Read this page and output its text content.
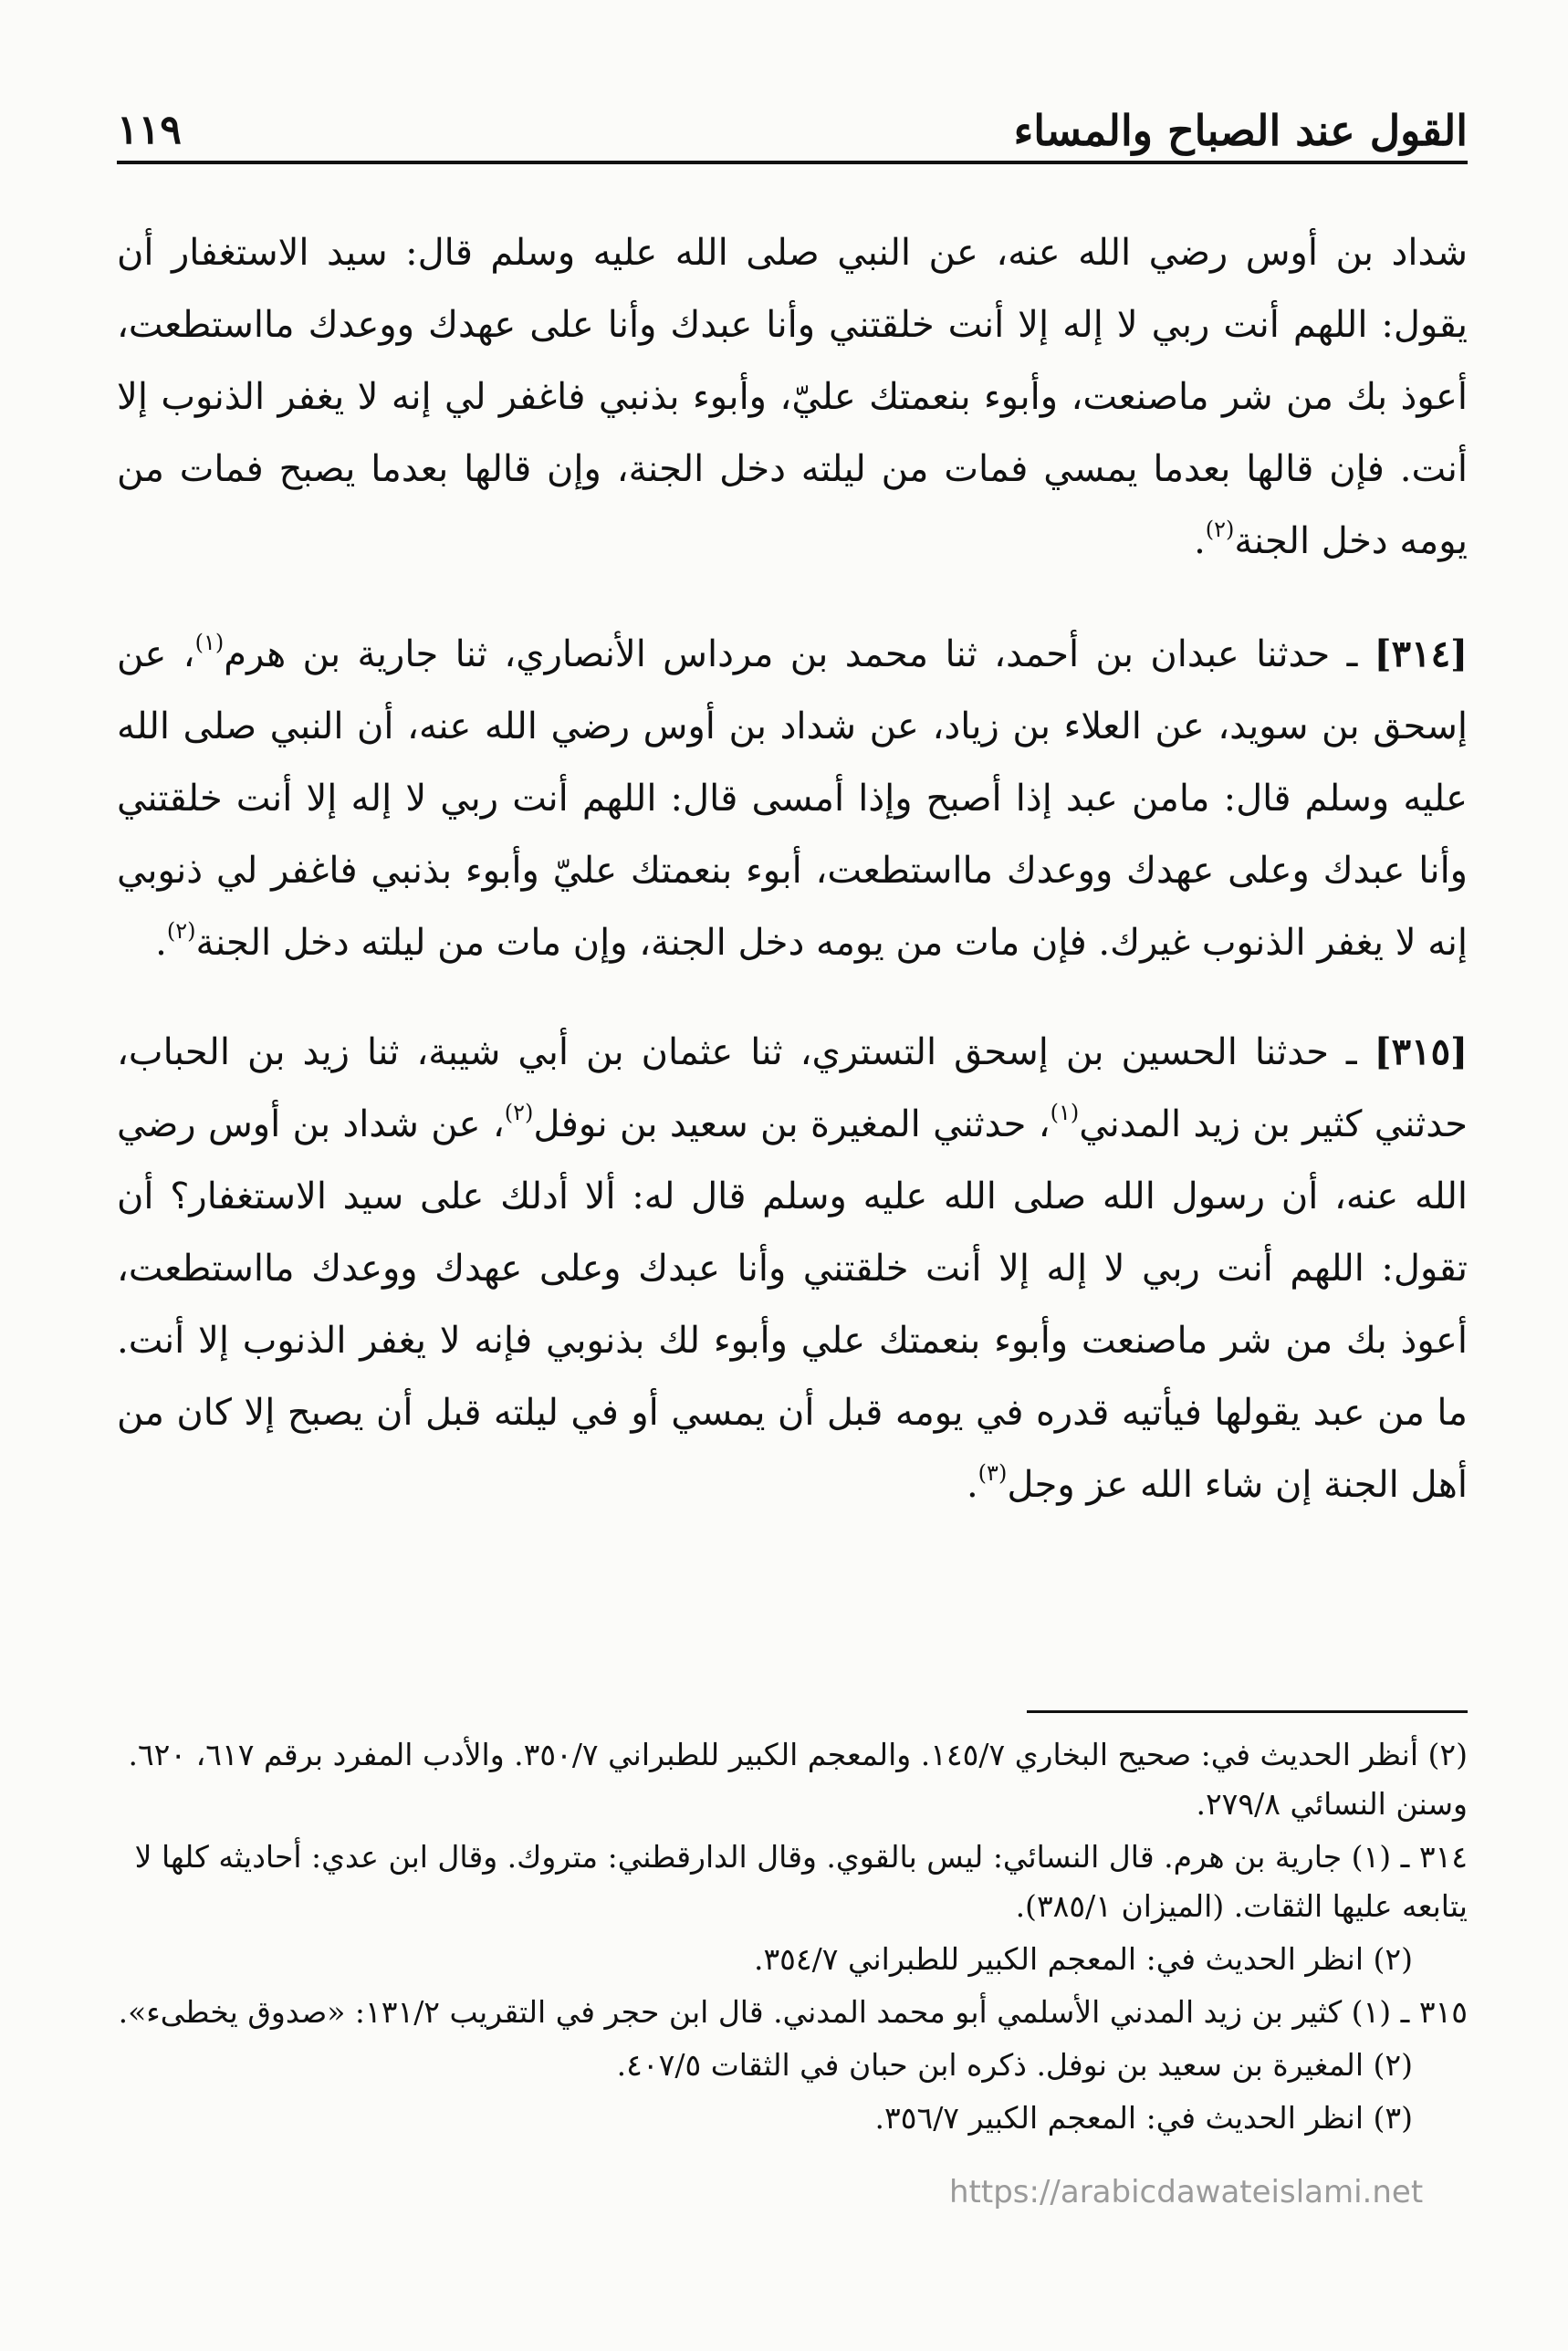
القول عند الصباح والمساء
١١٩

شداد بن أوس رضي الله عنه، عن النبي صلى الله عليه وسلم قال: سيد الاستغفار أن يقول: اللهم أنت ربي لا إله إلا أنت خلقتني وأنا عبدك وأنا على عهدك ووعدك مااستطعت، أعوذ بك من شر ماصنعت، وأبوء بنعمتك عليّ، وأبوء بذنبي فاغفر لي إنه لا يغفر الذنوب إلا أنت. فإن قالها بعدما يمسي فمات من ليلته دخل الجنة، وإن قالها بعدما يصبح فمات من يومه دخل الجنة$^{(٢)}$.

[٣١٤] ـ حدثنا عبدان بن أحمد، ثنا محمد بن مرداس الأنصاري، ثنا جارية بن هرم$^{(١)}$، عن إسحق بن سويد، عن العلاء بن زياد، عن شداد بن أوس رضي الله عنه، أن النبي صلى الله عليه وسلم قال: مامن عبد إذا أصبح وإذا أمسى قال: اللهم أنت ربي لا إله إلا أنت خلقتني وأنا عبدك وعلى عهدك ووعدك مااستطعت، أبوء بنعمتك عليّ وأبوء بذنبي فاغفر لي ذنوبي إنه لا يغفر الذنوب غيرك. فإن مات من يومه دخل الجنة، وإن مات من ليلته دخل الجنة$^{(٢)}$.

[٣١٥] ـ حدثنا الحسين بن إسحق التستري، ثنا عثمان بن أبي شيبة، ثنا زيد بن الحباب، حدثني كثير بن زيد المدني$^{(١)}$، حدثني المغيرة بن سعيد بن نوفل$^{(٢)}$، عن شداد بن أوس رضي الله عنه، أن رسول الله صلى الله عليه وسلم قال له: ألا أدلك على سيد الاستغفار؟ أن تقول: اللهم أنت ربي لا إله إلا أنت خلقتني وأنا عبدك وعلى عهدك ووعدك مااستطعت، أعوذ بك من شر ماصنعت وأبوء بنعمتك علي وأبوء لك بذنوبي فإنه لا يغفر الذنوب إلا أنت. ما من عبد يقولها فيأتيه قدره في يومه قبل أن يمسي أو في ليلته قبل أن يصبح إلا كان من أهل الجنة إن شاء الله عز وجل$^{(٣)}$.

(٢) أنظر الحديث في: صحيح البخاري ١٤٥/٧. والمعجم الكبير للطبراني ٣٥٠/٧. والأدب المفرد برقم ٦١٧، ٦٢٠. وسنن النسائي ٢٧٩/٨.
٣١٤ ـ (١) جارية بن هرم. قال النسائي: ليس بالقوي. وقال الدارقطني: متروك. وقال ابن عدي: أحاديثه كلها لا يتابعه عليها الثقات. (الميزان ٣٨٥/١).
(٢) انظر الحديث في: المعجم الكبير للطبراني ٣٥٤/٧.
٣١٥ ـ (١) كثير بن زيد المدني الأسلمي أبو محمد المدني. قال ابن حجر في التقريب ١٣١/٢: «صدوق يخطىء».
(٢) المغيرة بن سعيد بن نوفل. ذكره ابن حبان في الثقات ٤٠٧/٥.
(٣) انظر الحديث في: المعجم الكبير ٣٥٦/٧.
https://arabicdawateislami.net
